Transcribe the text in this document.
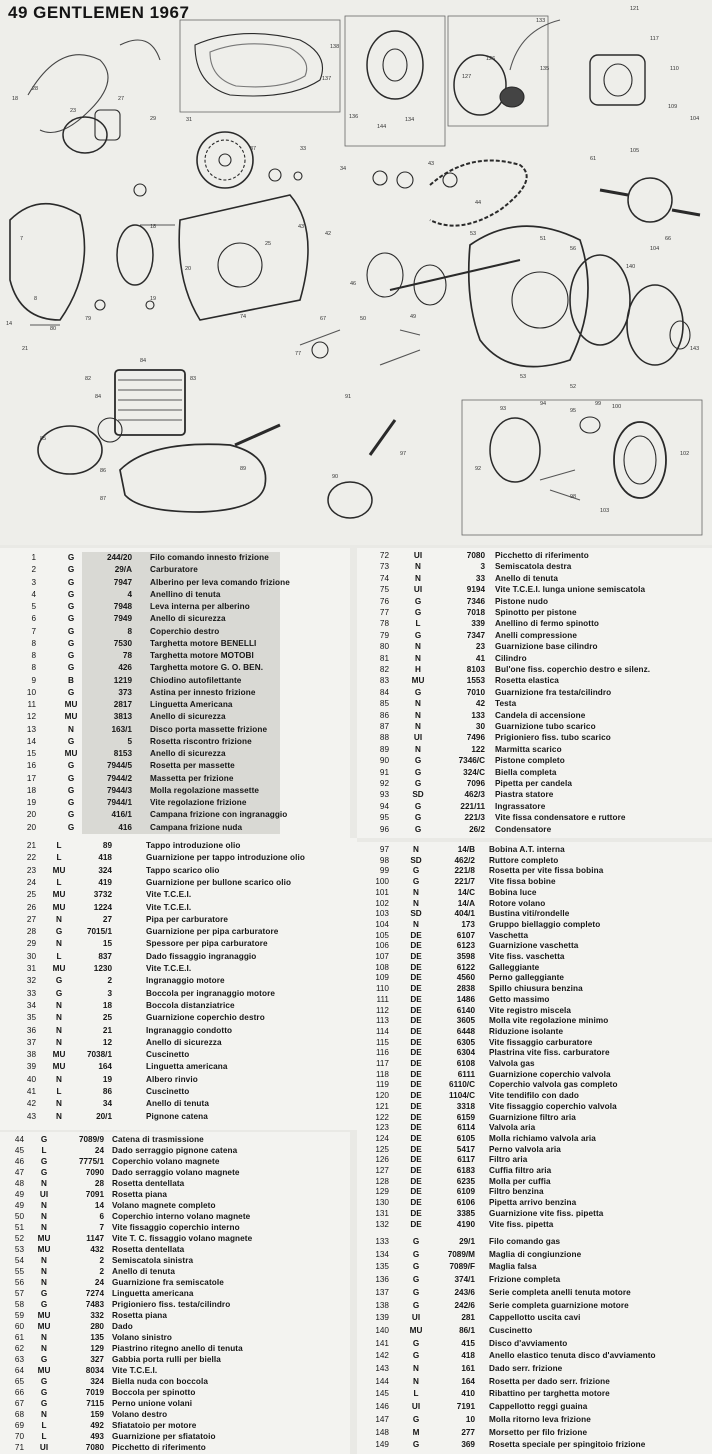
49 GENTLEMEN 1967
18
28
23
27
29	31
37
138
137
136
144
134
133
127
126
135
121
117
110
109
104
105
33
34
43
44
61
66
104
7
8
14
21
18
19
20
25
43
42
46
50	49
53
51
56
140
143
53
52
74	67
77
79
80
82
84
83
85
86
87
84
89
91
90
97
93
94
95
99 100
102
103
92
98
1	G	244/20 Filo comando innesto frizione
2	G	29/A Carburatore
3	G	7947 Alberino per leva comando frizione
4	G	4 Anellino di tenuta
5	G	7948 Leva interna per alberino
6	G	7949 Anello di sicurezza
7	G	8 Coperchio destro
8	G	7530 Targhetta motore BENELLI
8	G	78 Targhetta motore MOTOBI
8	G	426 Targhetta motore G. O. BEN.
9	B	1219 Chiodino autofilettante
10	G	373 Astina per innesto frizione
11	MU	2817 Linguetta Americana
12	MU	3813 Anello di sicurezza
13	N	163/1 Disco porta massette frizione
14	G	5 Rosetta riscontro frizione
15	MU	8153 Anello di sicurezza
16	G	7944/5 Rosetta per massette
17	G	7944/2 Massetta per frizione
18	G	7944/3 Molla regolazione massette
19	G	7944/1 Vite regolazione frizione
20	G	416/1 Campana frizione con ingranaggio
20	G	416 Campana frizione nuda
21	L	89	Tappo introduzione olio
22	L	418	Guarnizione per tappo introduzione olio
23	MU	324	Tappo scarico olio
24	L	419	Guarnizione per bullone scarico olio
25	MU	3732	Vite T.C.E.I.
26	MU	1224	Vite T.C.E.I.
27	N	27	Pipa per carburatore
28	G	7015/1	Guarnizione per pipa carburatore
29	N	15	Spessore per pipa carburatore
30	L	837	Dado fissaggio ingranaggio
31	MU	1230	Vite T.C.E.I.
32	G	2	Ingranaggio motore
33	G	3	Boccola per ingranaggio motore
34	N	18	Boccola distanziatrice
35	N	25	Guarnizione coperchio destro
36	N	21	Ingranaggio condotto
37	N	12	Anello di sicurezza
38	MU	7038/1	Cuscinetto
39	MU	164	Linguetta americana
40	N	19	Albero rinvio
41	L	86	Cuscinetto
42	N	34	Anello di tenuta
43	N	20/1	Pignone catena
44	G	7089/9 Catena di trasmissione
45	L	24 Dado serraggio pignone catena
46	G	7775/1 Coperchio volano magnete
47	G	7090 Dado serraggio volano magnete
48	N	28 Rosetta dentellata
49	UI	7091 Rosetta piana
49	N	14 Volano magnete completo
50	N	6 Coperchio interno volano magnete
51	N	7 Vite fissaggio coperchio interno
52	MU	1147 Vite T. C. fissaggio volano magnete
53	MU	432 Rosetta dentellata
54	N	2 Semiscatola sinistra
55	N	2 Anello di tenuta
56	N	24 Guarnizione fra semiscatole
57	G	7274 Linguetta americana
58	G	7483 Prigioniero fiss. testa/cilindro
59	MU	332 Rosetta piana
60	MU	280 Dado
61	N	135 Volano sinistro
62	N	129 Piastrino ritegno anello di tenuta
63	G	327 Gabbia porta rulli per biella
64	MU	8034 Vite T.C.E.I.
65	G	324 Biella nuda con boccola
66	G	7019 Boccola per spinotto
67	G	7115 Perno unione volani
68	N	159 Volano destro
69	L	492 Sfiatatoio per motore
70	L	493 Guarnizione per sfiatatoio
71	UI	7080 Picchetto di riferimento
72	UI	7080 Picchetto di riferimento
73	N	3 Semiscatola destra
74	N	33 Anello di tenuta
75	UI	9194 Vite T.C.E.I. lunga unione semiscatola
76	G	7346 Pistone nudo
77	G	7018 Spinotto per pistone
78	L	339 Anellino di fermo spinotto
79	G	7347 Anelli compressione
80	N	23 Guarnizione base cilindro
81	N	41 Cilindro
82	H	8103 Bul'one fiss. coperchio destro e silenz.
83	MU	1553 Rosetta elastica
84	G	7010 Guarnizione fra testa/cilindro
85	N	42 Testa
86	N	133 Candela di accensione
87	N	30 Guarnizione tubo scarico
88	UI	7496 Prigioniero fiss. tubo scarico
89	N	122 Marmitta scarico
90	G	7346/C Pistone completo
91	G	324/C Biella completa
92	G	7096 Pipetta per candela
93	SD	462/3 Piastra statore
94	G	221/11 Ingrassatore
95	G	221/3 Vite fissa condensatore e ruttore
96	G	26/2 Condensatore
97	N	14/B Bobina A.T. interna
98	SD	462/2 Ruttore completo
99	G	221/8 Rosetta per vite fissa bobina
100	G	221/7 Vite fissa bobine
101	N	14/C Bobina luce
102	N	14/A Rotore volano
103	SD	404/1 Bustina viti/rondelle
104	N	173 Gruppo biellaggio completo
105	DE	6107 Vaschetta
106	DE	6123 Guarnizione vaschetta
107	DE	3598 Vite fiss. vaschetta
108	DE	6122 Galleggiante
109	DE	4560 Perno galleggiante
110	DE	2838 Spillo chiusura benzina
111	DE	1486 Getto massimo
112	DE	6140 Vite registro miscela
113	DE	3605 Molla vite regolazione minimo
114	DE	6448 Riduzione isolante
115	DE	6305 Vite fissaggio carburatore
116	DE	6304 Plastrina vite fiss. carburatore
117	DE	6108 Valvola gas
118	DE	6111 Guarnizione coperchio valvola
119	DE	6110/C Coperchio valvola gas completo
120	DE	1104/C Vite tendifilo con dado
121	DE	3318 Vite fissaggio coperchio valvola
122	DE	6159 Guarnizione filtro aria
123	DE	6114 Valvola aria
124	DE	6105 Molla richiamo valvola aria
125	DE	5417 Perno valvola aria
126	DE	6117 Filtro aria
127	DE	6183 Cuffia filtro aria
128	DE	6235 Molla per cuffia
129	DE	6109 Filtro benzina
130	DE	6106 Pipetta arrivo benzina
131	DE	3385 Guarnizione vite fiss. pipetta
132	DE	4190 Vite fiss. pipetta
133	G	29/1 Filo comando gas
134	G	7089/M Maglia di congiunzione
135	G	7089/F Maglia falsa
136	G	374/1 Frizione completa
137	G	243/6 Serie completa anelli tenuta motore
138	G	242/6 Serie completa guarnizione motore
139	UI	281 Cappellotto uscita cavi
140	MU	86/1 Cuscinetto
141	G	415 Disco d'avviamento
142	G	418 Anello elastico tenuta disco d'avviamento
143	N	161 Dado serr. frizione
144	N	164 Rosetta per dado serr. frizione
145	L	410 Ribattino per targhetta motore
146	UI	7191 Cappellotto reggi guaina
147	G	10 Molla ritorno leva frizione
148	M	277 Morsetto per filo frizione
149	G	369 Rosetta speciale per spingitoio frizione
